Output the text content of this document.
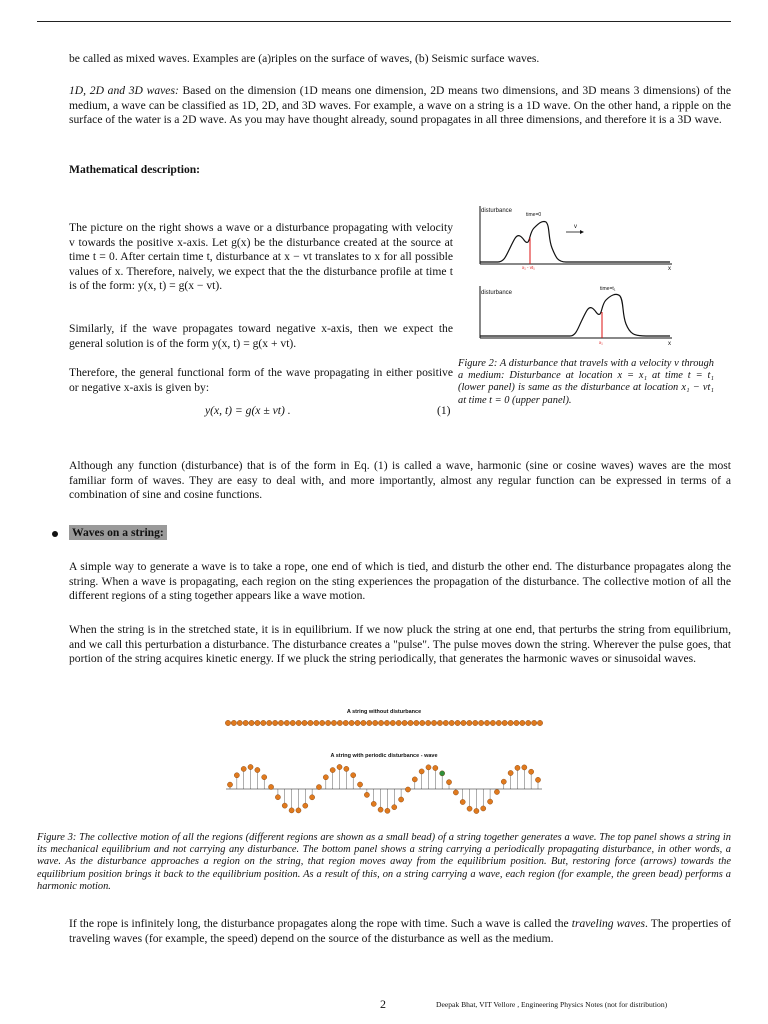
be called as mixed waves. Examples are (a)riples on the surface of waves, (b) Seismic surface waves.

1D, 2D and 3D waves: Based on the dimension (1D means one dimension, 2D means two dimensions, and 3D means 3 dimensions) of the medium, a wave can be classified as 1D, 2D, and 3D waves. For example, a wave on a string is a 1D wave. On the other hand, a ripple on the surface of the water is a 2D wave. As you may have thought already, sound propagates in all three dimensions, and therefore it is a 3D wave.

Mathematical description:

The picture on the right shows a wave or a disturbance propagating with velocity v towards the positive x-axis. Let g(x) be the disturbance created at the source at time t = 0. After certain time t, disturbance at x − vt translates to x for all possible values of x. Therefore, naively, we expect that the the disturbance profile at time t is of the form: y(x, t) = g(x − vt).

Similarly, if the wave propagates toward negative x-axis, then we expect the general solution is of the form y(x, t) = g(x + vt).

Therefore, the general functional form of the wave propagating in either positive or negative x-axis is given by:

y(x, t) = g(x ± vt) .	(1)
disturbance
time=0
v
x
x₁ - vt₁
disturbance
time=t₁
x
x₁

Figure 2: A disturbance that travels with a velocity v through a medium: Disturbance at location x = x₁ at time t = t₁ (lower panel) is same as the disturbance at location x₁ − vt₁ at time t = 0 (upper panel).

Although any function (disturbance) that is of the form in Eq. (1) is called a wave, harmonic (sine or cosine waves) waves are the most familiar form of waves. They are easy to deal with, and more importantly, almost any regular function can be expressed in terms of a combination of sine and cosine functions.

Waves on a string:

A simple way to generate a wave is to take a rope, one end of which is tied, and disturb the other end. The disturbance propagates along the string. When a wave is propagating, each region on the sting experiences the propagation of the disturbance. The collective motion of all the different regions of a sting together appears like a wave motion.

When the string is in the stretched state, it is in equilibrium. If we now pluck the string at one end, that perturbs the string from equilibrium, and we call this perturbation a disturbance. The disturbance creates a "pulse". The pulse moves down the string. Wherever the pulse goes, that portion of the string acquires kinetic energy. If we pluck the string periodically, that generates the harmonic waves or sinusoidal waves.

A string without disturbance
A string with periodic disturbance - wave

Figure 3: The collective motion of all the regions (different regions are shown as a small bead) of a string together generates a wave. The top panel shows a string in its mechanical equilibrium and not carrying any disturbance. The bottom panel shows a string carrying a periodically propagating disturbance, in other words, a wave. As the disturbance approaches a region on the string, that region moves away from the equilibrium position. But, restoring force (arrows) towards the equilibrium position brings it back to the equilibrium position. As a result of this, on a string carrying a wave, each region (for example, the green bead) performs a harmonic motion.

If the rope is infinitely long, the disturbance propagates along the rope with time. Such a wave is called the traveling waves. The properties of traveling waves (for example, the speed) depend on the source of the disturbance as well as the medium.

2	Deepak Bhat, VIT Vellore , Engineering Physics Notes (not for distribution)
